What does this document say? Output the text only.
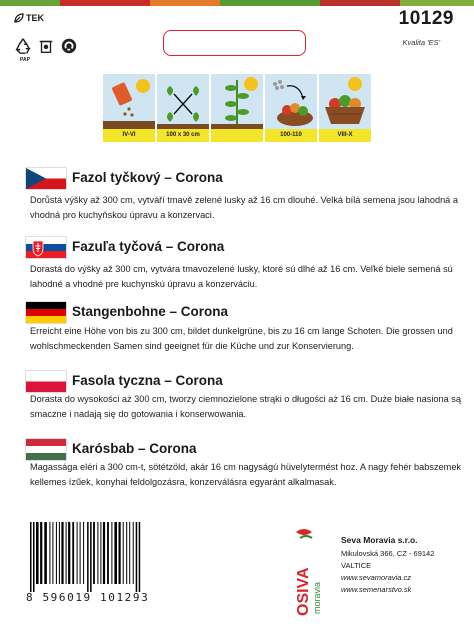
TEK	10129
Kvalita 'ES'
PAP
IV-VI	100 x 30 cm	100-110	VIII-X
Fazol tyčkový – Corona
Dorůstá výšky až 300 cm, vytváří tmavě zelené lusky až 16 cm dlouhé. Velká bílá semena jsou lahodná a vhodná pro kuchyňskou úpravu a konzervaci.
Fazuľa tyčová – Corona
Dorastá do výšky až 300 cm, vytvára tmavozelené lusky, ktoré sú dlhé až 16 cm. Veľké biele semená sú lahodné a vhodné pre kuchynskú úpravu a konzerváciu.
Stangenbohne – Corona
Erreicht eine Höhe von bis zu 300 cm, bildet dunkelgrüne, bis zu 16 cm lange Schoten. Die grossen und wohlschmeckenden Samen sind geeignet für die Küche und zur Konservierung.
Fasola tyczna – Corona
Dorasta do wysokości aż 300 cm, tworzy ciemnozielone strąki o długości aż 16 cm. Duże białe nasiona są smaczne i nadają się do gotowania i konserwowania.
Karósbab – Corona
Magassága eléri a 300 cm-t, sötétzöld, akár 16 cm nagyságú hüvelytermést hoz. A nagy fehér babszemek kellemes ízűek, konyhai feldolgozásra, konzerválásra egyaránt alkalmasak.
8 596019 101293	OSIVA moravia
Seva Moravia s.r.o.
Mikulovská 366, CZ - 69142
VALTICE
www.sevamoravia.cz
www.semenarstvo.sk
